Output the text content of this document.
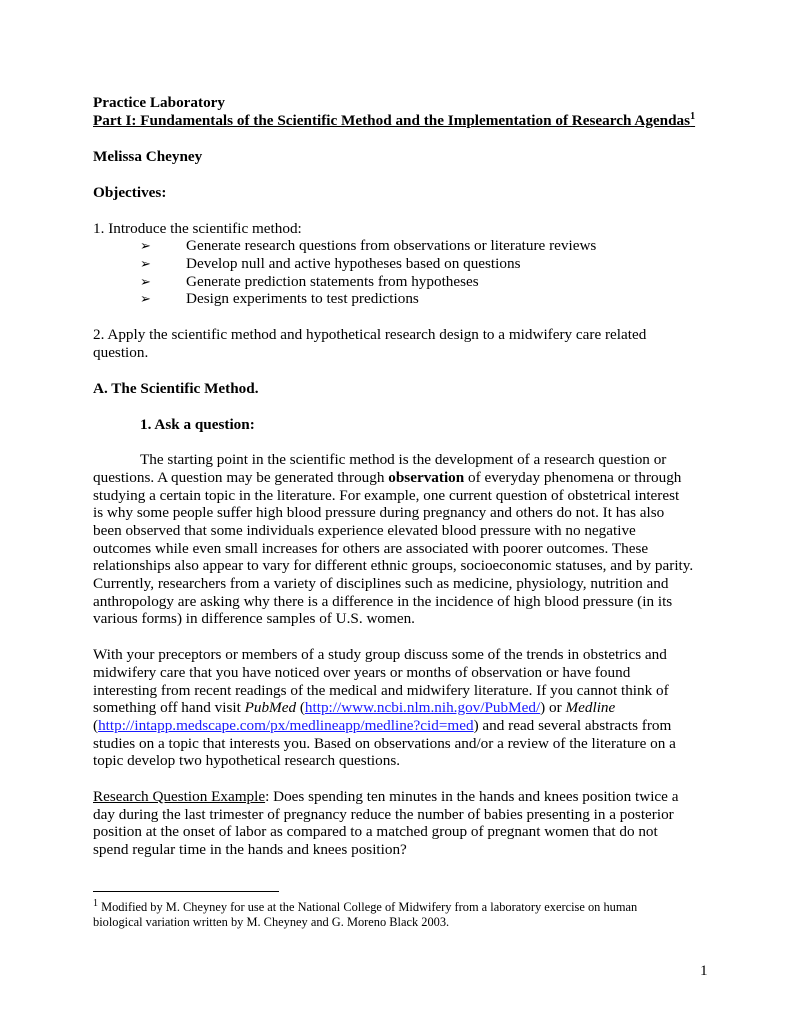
Practice Laboratory
Part I: Fundamentals of the Scientific Method and the Implementation of Research Agendas$^1$
Melissa Cheyney
Objectives:
1. Introduce the scientific method:
➢ Generate research questions from observations or literature reviews
➢ Develop null and active hypotheses based on questions
➢ Generate prediction statements from hypotheses
➢ Design experiments to test predictions
2. Apply the scientific method and hypothetical research design to a midwifery care related
question.
A. The Scientific Method.
1. Ask a question:
The starting point in the scientific method is the development of a research question or
questions. A question may be generated through observation of everyday phenomena or through
studying a certain topic in the literature. For example, one current question of obstetrical interest
is why some people suffer high blood pressure during pregnancy and others do not. It has also
been observed that some individuals experience elevated blood pressure with no negative
outcomes while even small increases for others are associated with poorer outcomes. These
relationships also appear to vary for different ethnic groups, socioeconomic statuses, and by parity.
Currently, researchers from a variety of disciplines such as medicine, physiology, nutrition and
anthropology are asking why there is a difference in the incidence of high blood pressure (in its
various forms) in difference samples of U.S. women.
With your preceptors or members of a study group discuss some of the trends in obstetrics and
midwifery care that you have noticed over years or months of observation or have found
interesting from recent readings of the medical and midwifery literature. If you cannot think of
something off hand visit PubMed (http://www.ncbi.nlm.nih.gov/PubMed/) or Medline
(http://intapp.medscape.com/px/medlineapp/medline?cid=med) and read several abstracts from
studies on a topic that interests you. Based on observations and/or a review of the literature on a
topic develop two hypothetical research questions.
Research Question Example: Does spending ten minutes in the hands and knees position twice a
day during the last trimester of pregnancy reduce the number of babies presenting in a posterior
position at the onset of labor as compared to a matched group of pregnant women that do not
spend regular time in the hands and knees position?
$^1$ Modified by M. Cheyney for use at the National College of Midwifery from a laboratory exercise on human
biological variation written by M. Cheyney and G. Moreno Black 2003.
1
